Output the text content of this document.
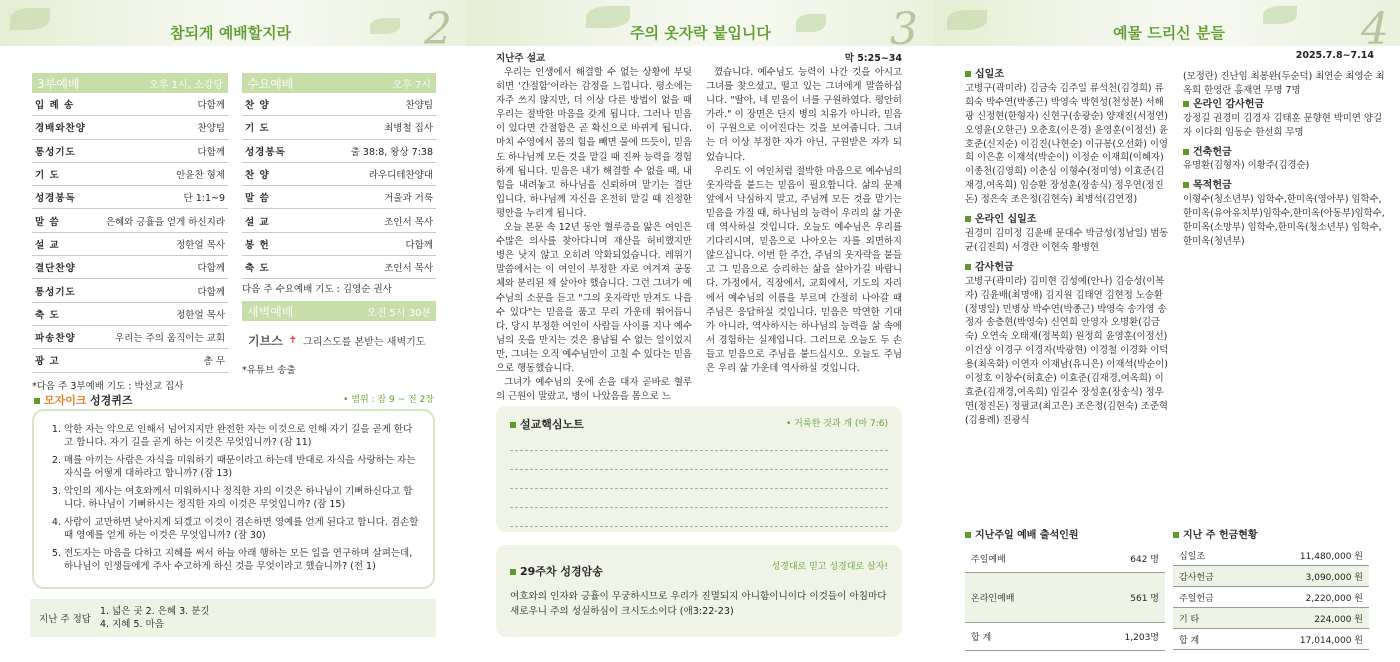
참되게 예배할지라	2
3부예배	오후 1시, 소강당
입 례 송	다함께
경배와찬양	찬양팀
통성기도	다함께
기 도	안윤찬 형제
성경봉독	단 1:1~9
말 씀	은혜와 긍휼을 얻게 하신지라
설 교	정한얼 목사
결단찬양	다함께
통성기도	다함께
축 도	정한얼 목사
파송찬양	우리는 주의 움직이는 교회
광 고	총 무
*다음 주 3부예배 기도 : 박선교 집사
수요예배	오후 7시
찬 양	찬양팀
기 도	최병철 집사
성경봉독	출 38:8, 왕상 7:38
찬 양	라우디테찬양대
말 씀	거울과 거룩
설 교	조인서 목사
봉 헌	다함께
축 도	조인서 목사
다음 주 수요예배 기도 : 김영순 권사
새벽예배	오전 5시 30분
기브스 ✝ 그리스도를 본받는 새벽기도
*유튜브 송출
모자이크 성경퀴즈	• 범위 : 잠 9 ~ 전 2장
1. 악한 자는 악으로 인해서 넘어지지만 완전한 자는 이것으로 인해 자기 길을 곧게 한다고 합니다. 자기 길을 곧게 하는 이것은 무엇입니까? (잠 11)
2. 매를 아끼는 사람은 자식을 미워하기 때문이라고 하는데 반대로 자식을 사랑하는 자는 자식을 어떻게 대하라고 합니까? (잠 13)
3. 악인의 제사는 여호와께서 미워하시나 정직한 자의 이것은 하나님이 기뻐하신다고 합니다. 하나님이 기뻐하시는 정직한 자의 이것은 무엇입니까? (잠 15)
4. 사람이 교만하면 낮아지게 되겠고 이것이 겸손하면 영예를 얻게 된다고 합니다. 겸손할 때 영예를 얻게 하는 이것은 무엇입니까? (잠 30)
5. 전도자는 마음을 다하고 지혜를 써서 하늘 아래 행하는 모든 일을 연구하며 살펴는데, 하나님이 인생들에게 주사 수고하게 하신 것을 무엇이라고 했습니까? (전 1)
지난 주 정답
1. 넓은 곳 2. 은혜 3. 분깃
4. 지혜 5. 마음
주의 옷자락 붙입니다	3
지난주 설교	막 5:25~34

우리는 인생에서 해결할 수 없는 상황에 부딪히면 '간절함'이라는 감정을 느낍니다. 평소에는 자주 쓰지 않지만, 더 이상 다른 방법이 없을 때 우리는 절박한 마음을 갖게 됩니다. 그러나 믿음이 있다면 간절함은 곧 확신으로 바뀌게 됩니다. 마치 수영에서 몸의 힘을 빼면 물에 뜨듯이, 믿음도 하나님께 모든 것을 맡길 때 진짜 능력을 경험하게 됩니다. 믿음은 내가 해결할 수 없을 때, 내 힘을 내려놓고 하나님을 신뢰하며 맡기는 결단입니다. 하나님께 자신을 온전히 맡길 때 진정한 평안을 누리게 됩니다.

오늘 본문 속 12년 동안 혈루증을 앓은 여인은 수많은 의사를 찾아다니며 재산을 허비했지만 병은 낫지 않고 오히려 악화되었습니다. 레위기 말씀에서는 이 여인이 부정한 자로 여겨져 공동체와 분리된 채 살아야 했습니다. 그런 그녀가 예수님의 소문을 듣고 "그의 옷자락만 만져도 나을 수 있다"는 믿음을 품고 무리 가운데 뛰어듭니다. 당시 부정한 여인이 사람들 사이를 지나 예수님의 옷을 만지는 것은 용납될 수 없는 일이었지만, 그녀는 오직 예수님만이 고칠 수 있다는 믿음으로 행동했습니다.

그녀가 예수님의 옷에 손을 대자 곧바로 혈루의 근원이 말랐고, 병이 나았음을 몸으로 느

꼈습니다. 예수님도 능력이 나간 것을 아시고 그녀를 찾으셨고, 떨고 있는 그녀에게 말씀하십니다. "딸아, 네 믿음이 너를 구원하였다. 평안히 가라." 이 장면은 단지 병의 치유가 아니라, 믿음이 구원으로 이어진다는 것을 보여줍니다. 그녀는 더 이상 부정한 자가 아닌, 구원받은 자가 되었습니다.

우리도 이 여인처럼 절박한 마음으로 예수님의 옷자락을 붙드는 믿음이 필요합니다. 삶의 문제 앞에서 낙심하지 말고, 주님께 모든 것을 맡기는 믿음을 가질 때, 하나님의 능력이 우리의 삶 가운데 역사하실 것입니다. 오늘도 예수님은 우리를 기다리시며, 믿음으로 나아오는 자를 외면하지 않으십니다. 이번 한 주간, 주님의 옷자락을 붙들고 그 믿음으로 승리하는 삶을 살아가길 바랍니다. 가정에서, 직장에서, 교회에서, 기도의 자리에서 예수님의 이름을 부르며 간절히 나아갈 때 주님은 응답하실 것입니다. 믿음은 막연한 기대가 아니라, 역사하시는 하나님의 능력을 삶 속에서 경험하는 실제입니다. 그러므로 오늘도 두 손 들고 믿음으로 주님을 붙드십시오. 오늘도 주님은 우리 삶 가운데 역사하실 것입니다.

설교핵심노트	• 거룩한 것과 개 (마 7:6)
29주차 성경암송	성경대로 믿고 성경대로 살자!
여호와의 인자와 긍휼이 무궁하시므로 우리가 진멸되지 아니함이니이다 이것들이 아침마다 새로우니 주의 성실하심이 크시도소이다 (애3:22-23)
예물 드리신 분들	4
2025.7.8~7.14
십일조
고병구(곽미라) 김금숙 김주일 류석천(김경희) 류희숙 박수연(박종근) 박영숙 박현성(천성분) 서해광 신정현(한형자) 신현구(송광순) 양재진(서정연) 오영윤(오한근) 오춘호(이은경) 윤영훈(이정선) 윤호준(신지순) 이김진(나현순) 이규봉(오선화) 이영희 이은훈 이재석(박순이) 이정순 이재희(이혜자) 이종천(김영희) 이춘심 이형수(정미영) 이효준(김재경,여옥희) 임승환 장성훈(장송식) 정우연(정진돈) 정은숙 조은정(김현숙) 최병석(김연정)
온라인 십일조
권경미 김미정 김윤배 문대수 박금성(정남일) 범동균(김진희) 서경란 이현숙 황병현
감사헌금
고병구(곽미라) 김미현 김성예(안나) 김승성(이복자) 김윤배(최명애) 김지원 김태연 김현정 노승환(정명일) 민병상 박수연(박종근) 박영숙 송가영 송정자 송층현(박영숙) 신연희 안영자 오명환(김금숙) 오연숙 오태재(정복희) 원정희 윤영훈(이정선) 이건상 이경구 이경자(박광현) 이경철 이경화 이덕용(최옥화) 이연자 이재남(유니은) 이재석(박순이) 이정호 이창수(허효순) 이효준(김재경,여옥희) 이효준(김재경,여옥희) 임길수 장성훈(장송식) 정우연(정진돈) 정필교(최고은) 조은정(김현숙) 조준혁(김용례) 진광식
(모정란) 진난임 최봉완(두순덕) 최연순 최영순 최옥희 한영란 홍재연 무명 7명
온라인 감사헌금
강정길 권경미 김경자 김태훈 문향현 박미연 양길자 이다희 임동순 한선희 무명
건축헌금
유명환(김형자) 이황주(김경순)
목적헌금
이형수(청소년부) 임학수,한미옥(영아부) 임학수,한미옥(유아유치부)임학수,한미옥(아동부)임학수,한미옥(소망부) 임학수,한미옥(청소년부) 임학수,한미옥(청년부)
지난주일 예배 출석인원
주일예배	642 명
온라인예배	561 명
합 계	1,203명
지난 주 헌금현황
십일조	11,480,000 원
감사헌금	3,090,000 원
주일헌금	2,220,000 원
기 타	224,000 원
합 계	17,014,000 원
